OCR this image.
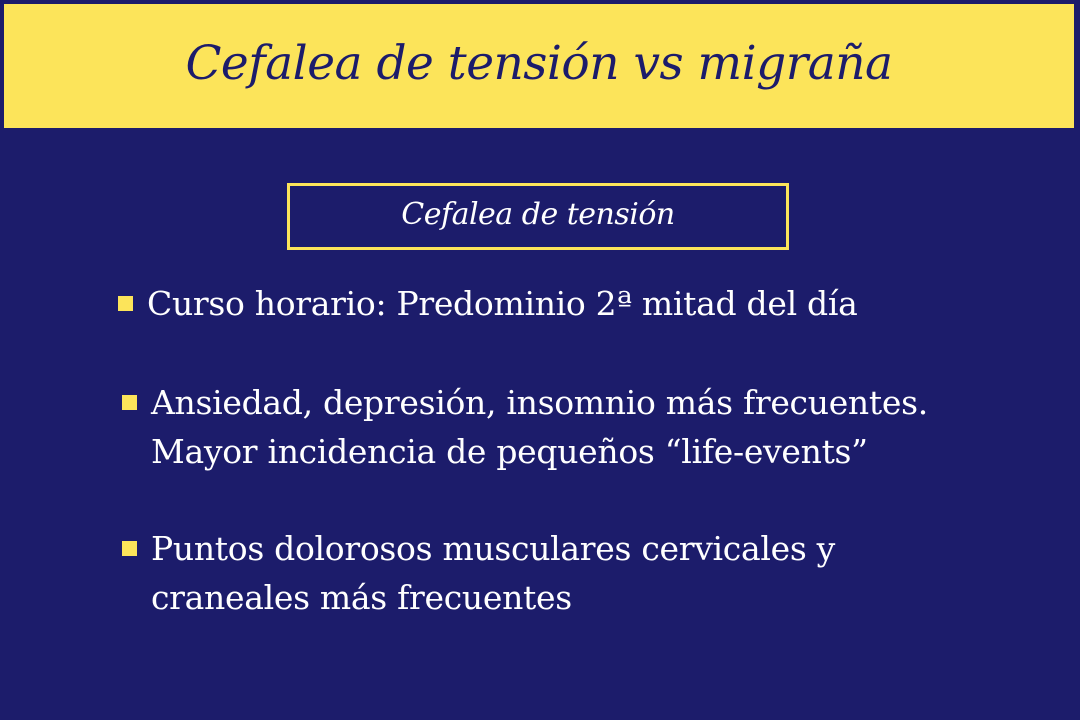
Cefalea de tensión vs migraña
Cefalea de tensión
Curso horario: Predominio 2ª mitad del día
Ansiedad, depresión, insomnio más frecuentes.
Mayor incidencia de pequeños “life-events”
Puntos dolorosos musculares cervicales y
craneales más frecuentes
